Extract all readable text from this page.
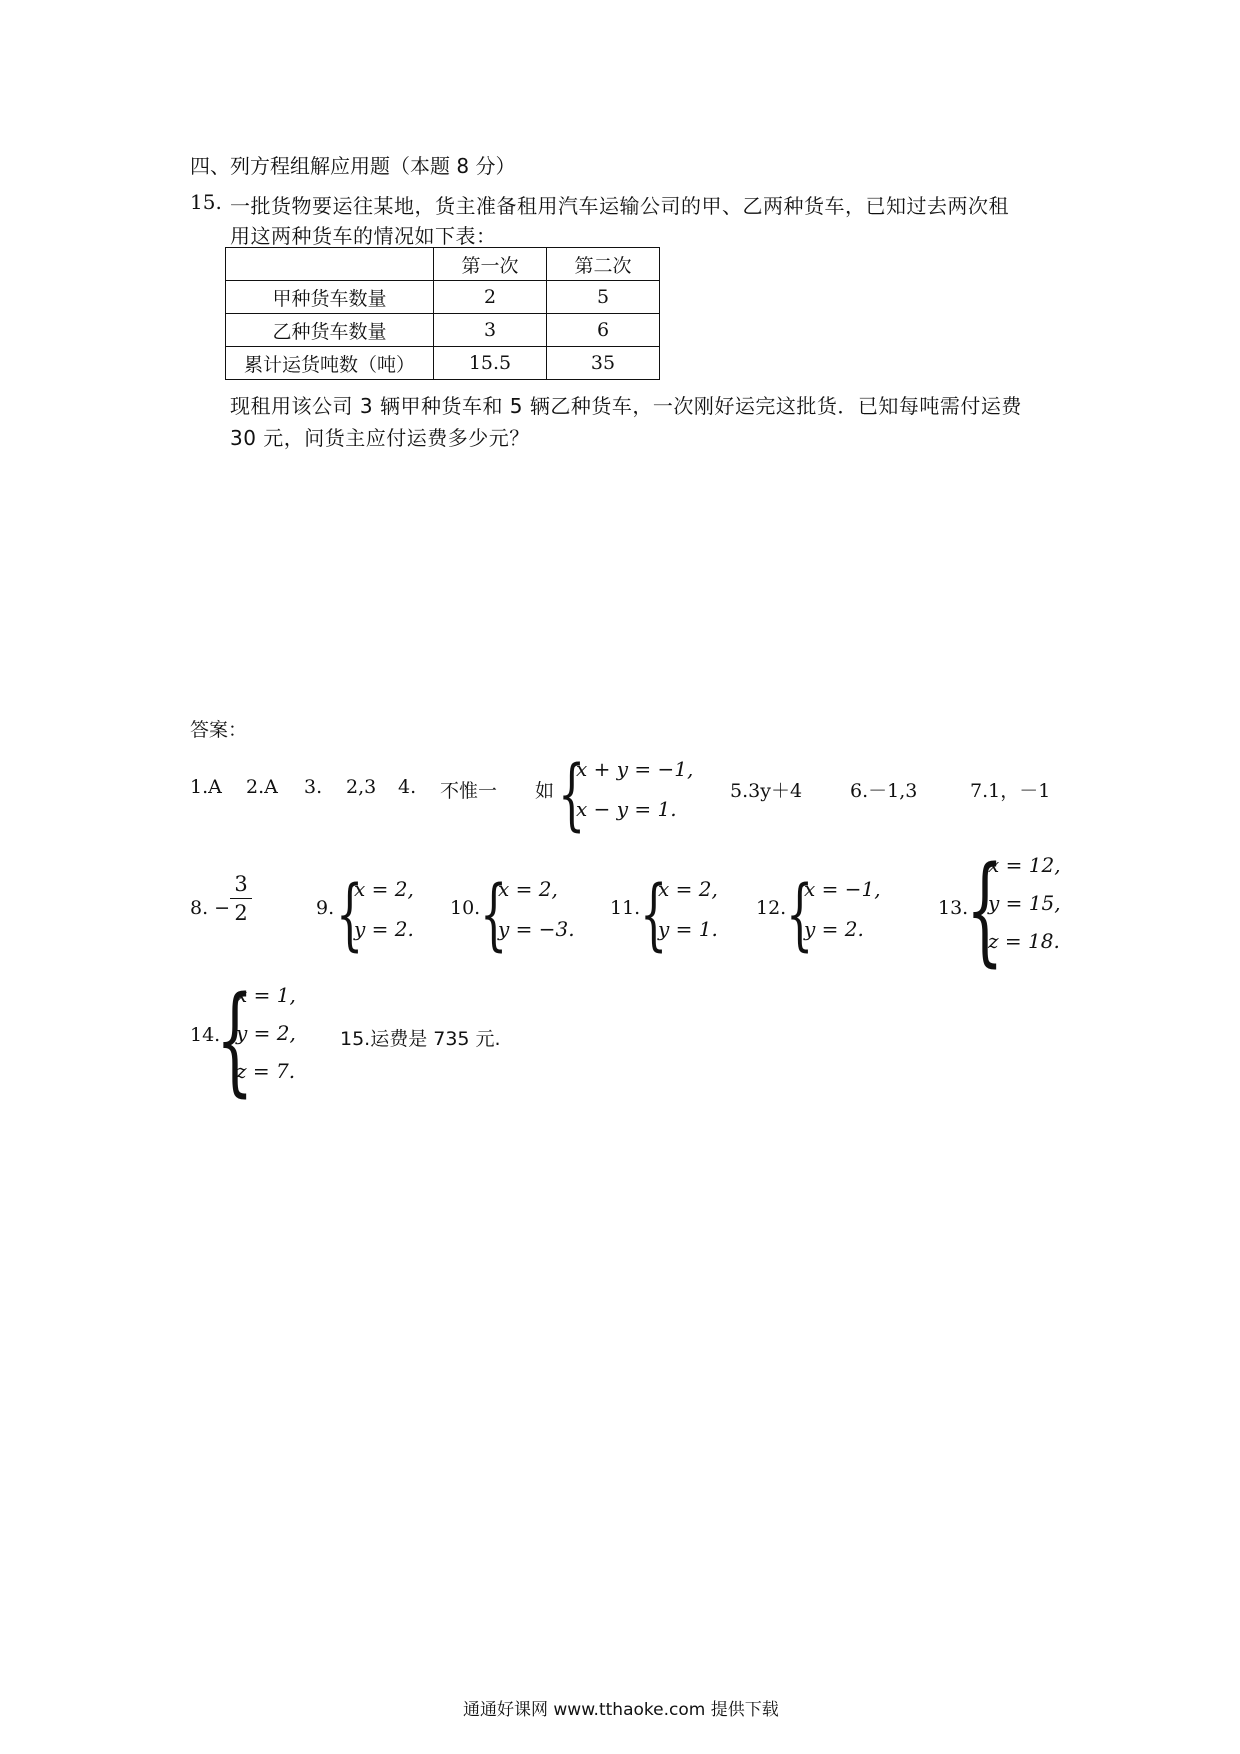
四、列方程组解应用题（本题 8 分）
15. 一批货物要运往某地，货主准备租用汽车运输公司的甲、乙两种货车，已知过去两次租
用这两种货车的情况如下表：
	第一次	第二次
甲种货车数量	2	5
乙种货车数量	3	6
累计运货吨数（吨）	15.5	35
现租用该公司 3 辆甲种货车和 5 辆乙种货车，一次刚好运完这批货．已知每吨需付运费
30 元，问货主应付运费多少元？
答案：
1.A 2.A 3. 2,3 4. 不惟一 如 {
x + y = −1,
x − y = 1.
5.3y＋4	6.－1,3	7.1，－1
8. −
3
2	9. {
x = 2,
y = 2.
10. {
x = 2,
y = −3.
11. {
x = 2,
y = 1.
12. {
x = −1,
y = 2.
13.
{
x = 12,
y = 15,
z = 18.
14.
{
x = 1,
y = 2,
z = 7.
15.运费是 735 元.
通通好课网 www.tthaoke.com 提供下载
